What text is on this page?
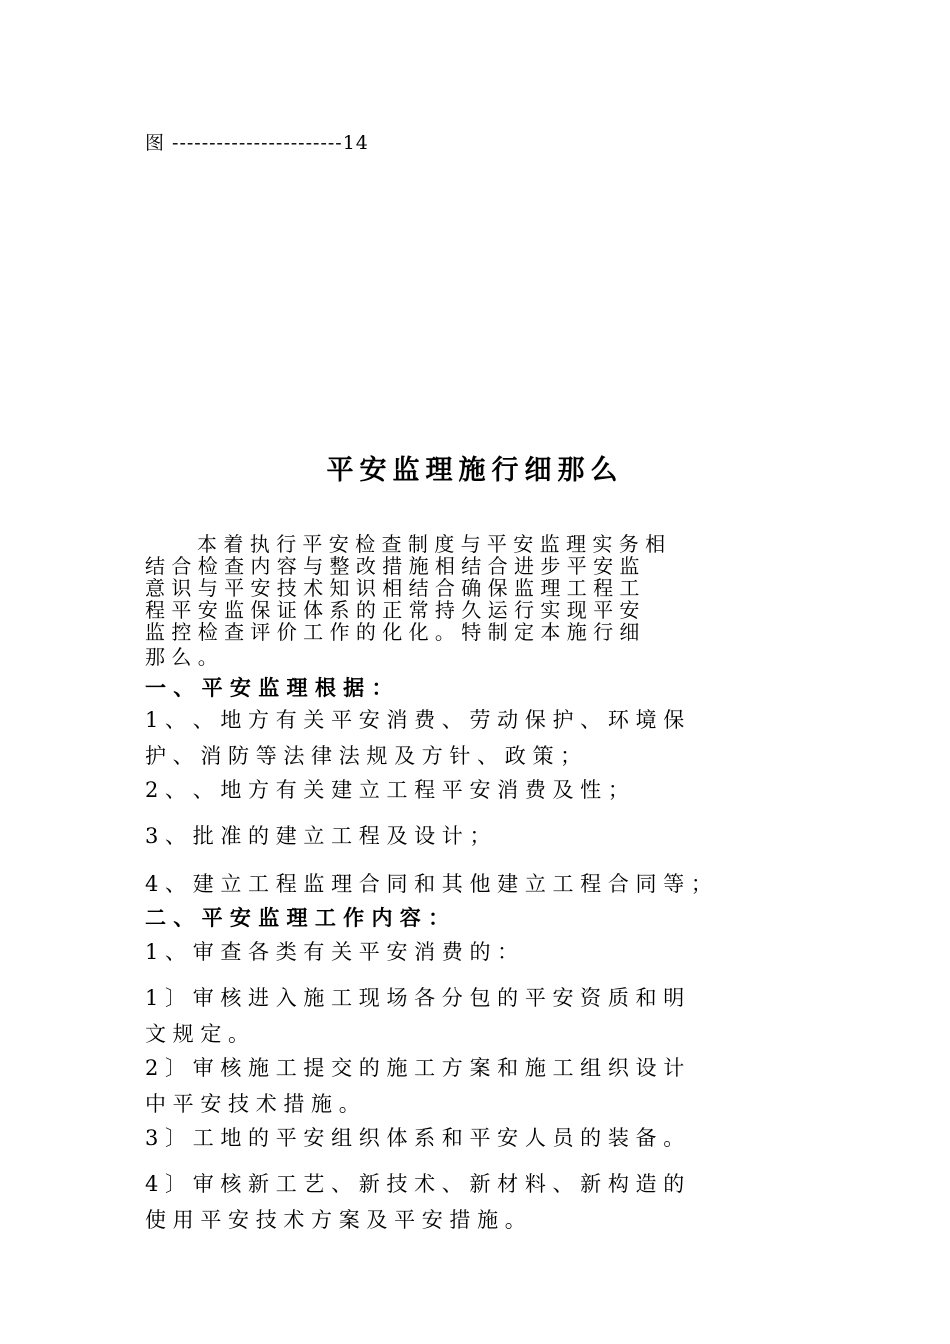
图 -----------------------14
平安监理施行细那么
本 着 执 行 平 安 检 查 制 度 与 平 安 监 理 实 务 相
结 合 检 查 内 容 与 整 改 措 施 相 结 合 进 步 平 安 监
意 识 与 平 安 技 术 知 识 相 结 合 确 保 监 理 工 程 工
程 平 安 监 保 证 体 系 的 正 常 持 久 运 行 实 现 平 安
监 控 检 查 评 价 工 作 的 化 化 。 特 制 定 本 施 行 细
那 么 。
一 、 平 安 监 理 根 据 ：
1 、 、 地 方 有 关 平 安 消 费 、 劳 动 保 护 、 环 境 保
护 、 消 防 等 法 律 法 规 及 方 针 、 政 策 ；
2 、 、 地 方 有 关 建 立 工 程 平 安 消 费 及 性 ；
3 、 批 准 的 建 立 工 程 及 设 计 ；
4 、 建 立 工 程 监 理 合 同 和 其 他 建 立 工 程 合 同 等 ；
二 、 平 安 监 理 工 作 内 容 ：
1 、 审 查 各 类 有 关 平 安 消 费 的 ：
1 〕 审 核 进 入 施 工 现 场 各 分 包 的 平 安 资 质 和 明
文 规 定 。
2 〕 审 核 施 工 提 交 的 施 工 方 案 和 施 工 组 织 设 计
中 平 安 技 术 措 施 。
3 〕 工 地 的 平 安 组 织 体 系 和 平 安 人 员 的 装 备 。
4 〕 审 核 新 工 艺 、 新 技 术 、 新 材 料 、 新 构 造 的
使 用 平 安 技 术 方 案 及 平 安 措 施 。
